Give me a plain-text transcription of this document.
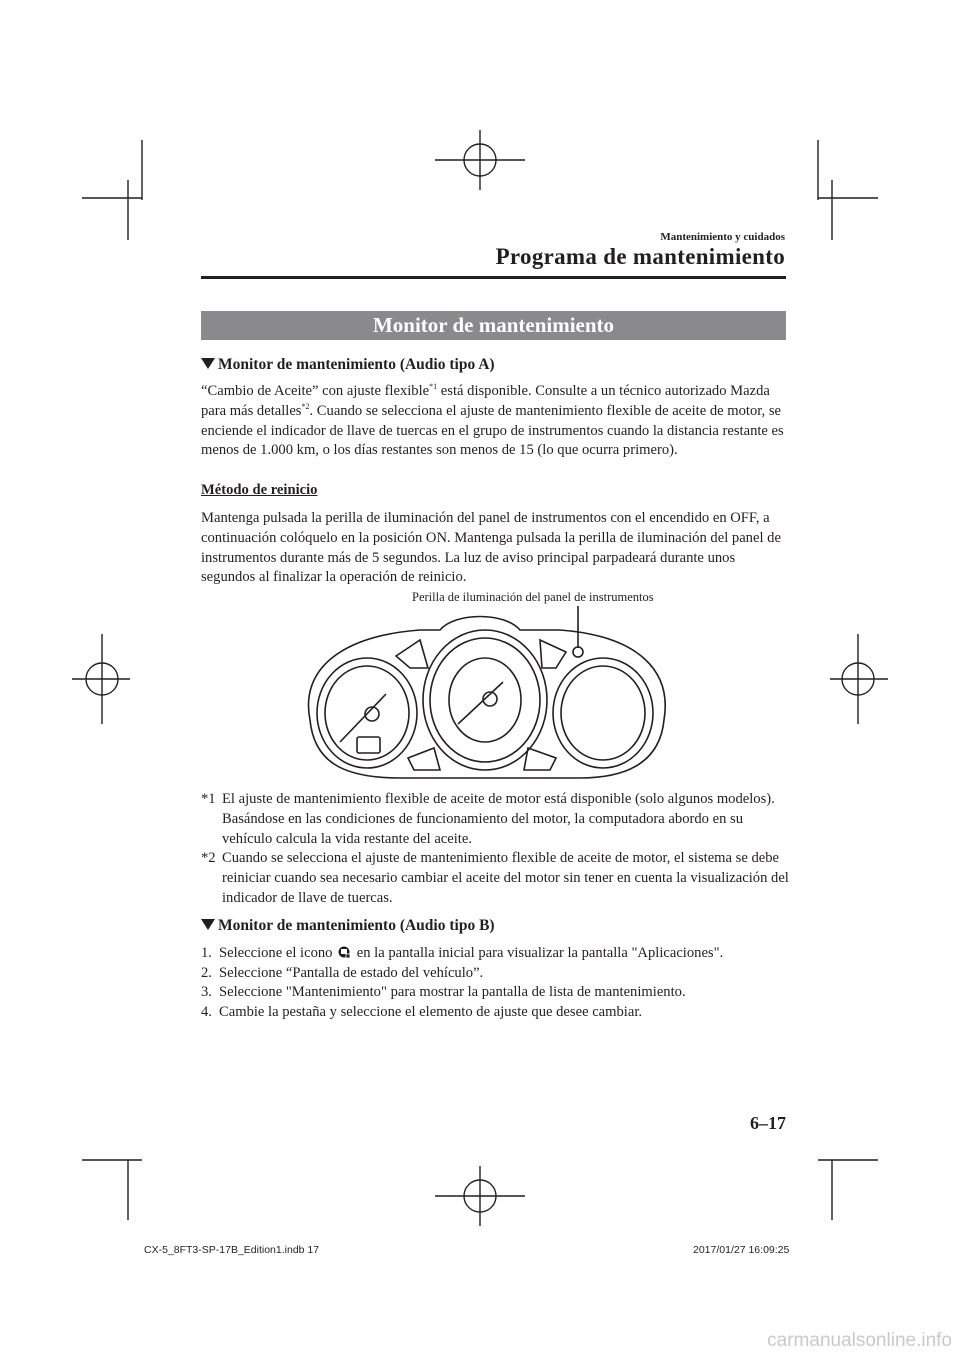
Mantenimiento y cuidados
Programa de mantenimiento
Monitor de mantenimiento
Monitor de mantenimiento (Audio tipo A)
“Cambio de Aceite” con ajuste flexible$^{*1}$ está disponible. Consulte a un técnico autorizado Mazda para más detalles$^{*2}$. Cuando se selecciona el ajuste de mantenimiento flexible de aceite de motor, se enciende el indicador de llave de tuercas en el grupo de instrumentos cuando la distancia restante es menos de 1.000 km, o los días restantes son menos de 15 (lo que ocurra primero).
Método de reinicio
Mantenga pulsada la perilla de iluminación del panel de instrumentos con el encendido en OFF, a continuación colóquelo en la posición ON. Mantenga pulsada la perilla de iluminación del panel de instrumentos durante más de 5 segundos. La luz de aviso principal parpadeará durante unos segundos al finalizar la operación de reinicio.
Perilla de iluminación del panel de instrumentos
*1 El ajuste de mantenimiento flexible de aceite de motor está disponible (solo algunos modelos). Basándose en las condiciones de funcionamiento del motor, la computadora abordo en su vehículo calcula la vida restante del aceite.
*2 Cuando se selecciona el ajuste de mantenimiento flexible de aceite de motor, el sistema se debe reiniciar cuando sea necesario cambiar el aceite del motor sin tener en cuenta la visualización del indicador de llave de tuercas.
Monitor de mantenimiento (Audio tipo B)
1. Seleccione el icono  en la pantalla inicial para visualizar la pantalla "Aplicaciones".
2. Seleccione “Pantalla de estado del vehículo”.
3. Seleccione "Mantenimiento" para mostrar la pantalla de lista de mantenimiento.
4. Cambie la pestaña y seleccione el elemento de ajuste que desee cambiar.
6–17
CX-5_8FT3-SP-17B_Edition1.indb 17	2017/01/27 16:09:25
carmanualsonline.info
